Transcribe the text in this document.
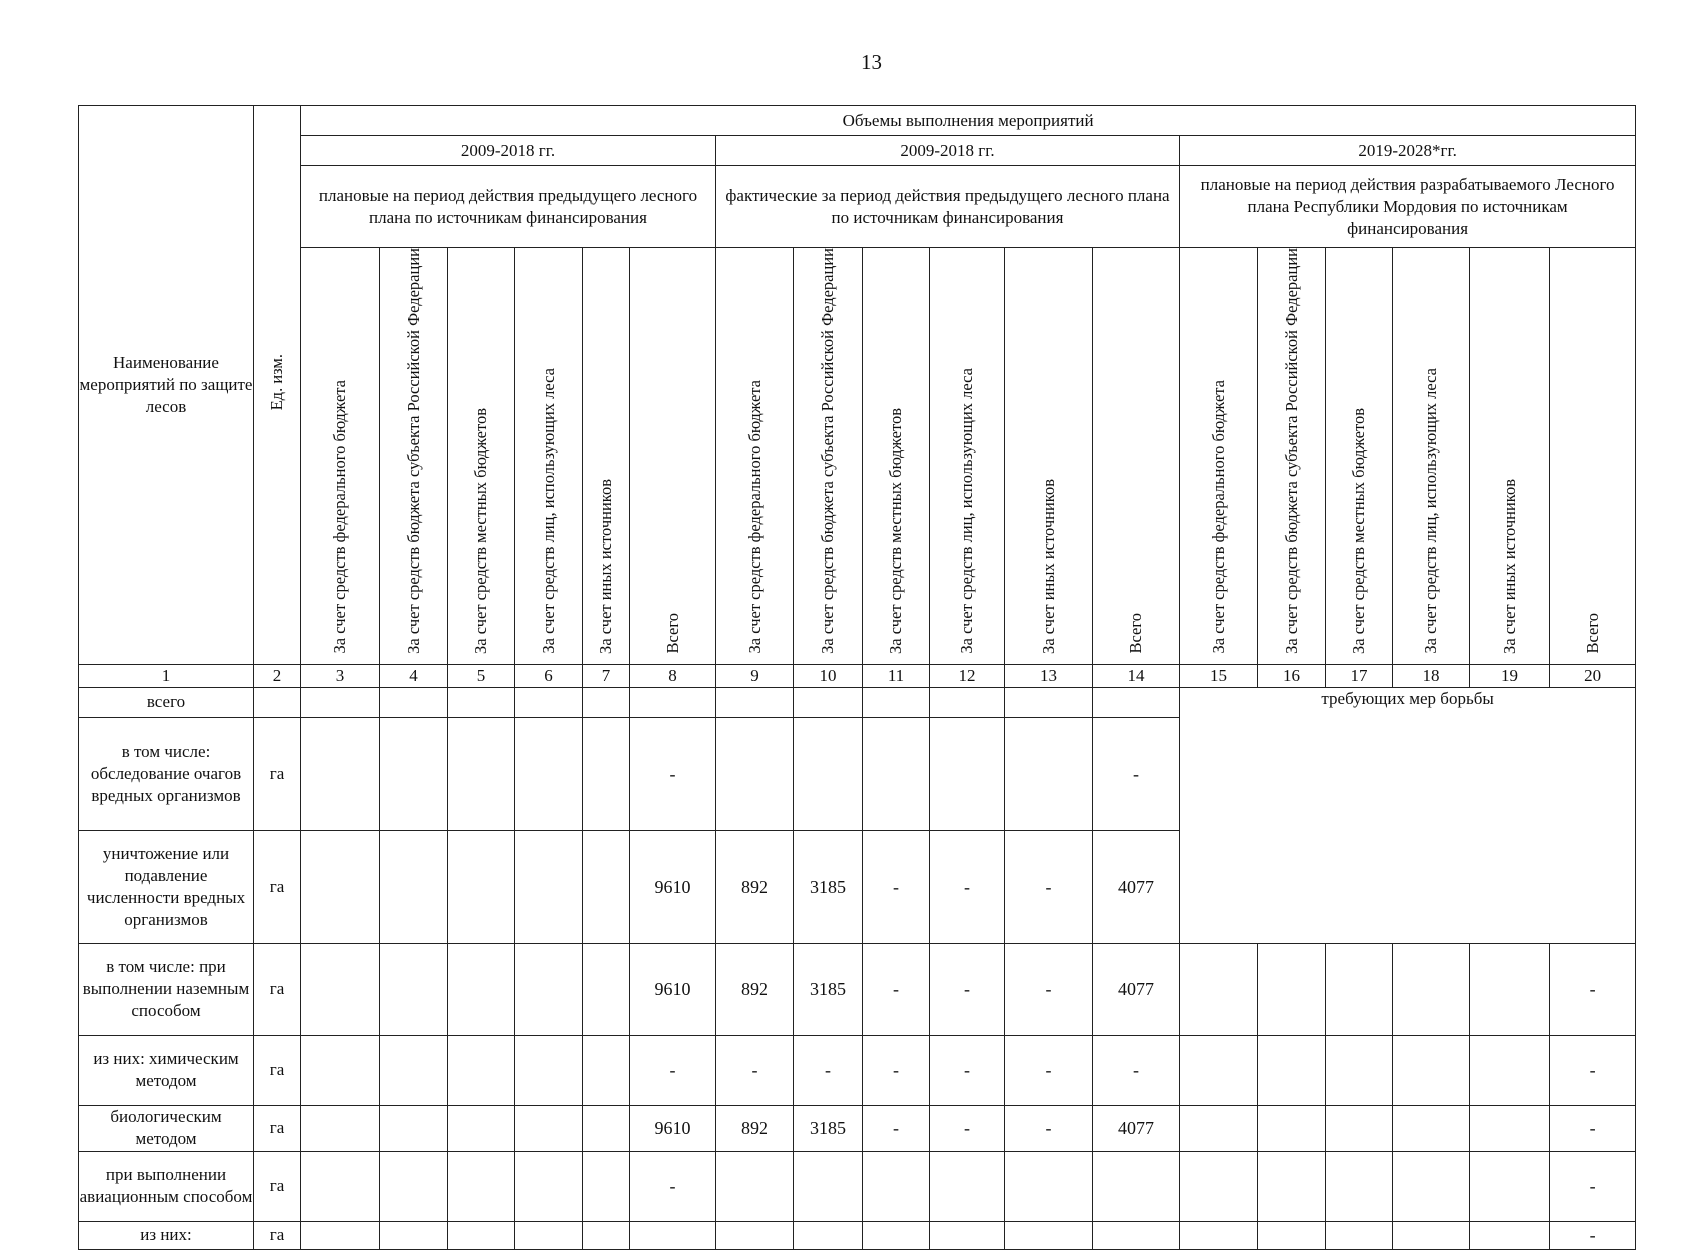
13
Наименование мероприятий по защите лесов	Ед. изм.	Объемы выполнения мероприятий																	
		2009-2018 гг.						2009-2018 гг.						2019-2028*гг.					
		плановые на период действия предыдущего лесного плана по источникам финансирования						фактические за период действия предыдущего лесного плана по источникам финансирования						плановые на период действия разрабатываемого Лесного плана Республики Мордовия по источникам финансирования					
		За счет средств федерального бюджета	За счет средств бюджета субъекта Российской Федерации	За счет средств местных бюджетов	За счет средств лиц, использующих леса	За счет иных источников	Всего	За счет средств федерального бюджета	За счет средств бюджета субъекта Российской Федерации	За счет средств местных бюджетов	За счет средств лиц, использующих леса	За счет иных источников	Всего	За счет средств федерального бюджета	За счет средств бюджета субъекта Российской Федерации	За счет средств местных бюджетов	За счет средств лиц, использующих леса	За счет иных источников	Всего
1	2	3	4	5	6	7	8	9	10	11	12	13	14	15	16	17	18	19	20
всего														требующих мер борьбы					
в том числе: обследование очагов вредных организмов	га						-						-						
уничтожение или подавление численности вредных организмов	га						9610	892	3185	-	-	-	4077						
в том числе: при выполнении наземным способом	га						9610	892	3185	-	-	-	4077						-
из них: химическим методом	га						-	-	-	-	-	-	-						-
биологическим методом	га						9610	892	3185	-	-	-	4077						-
при выполнении авиационным способом	га						-												-
из них:	га																		-
